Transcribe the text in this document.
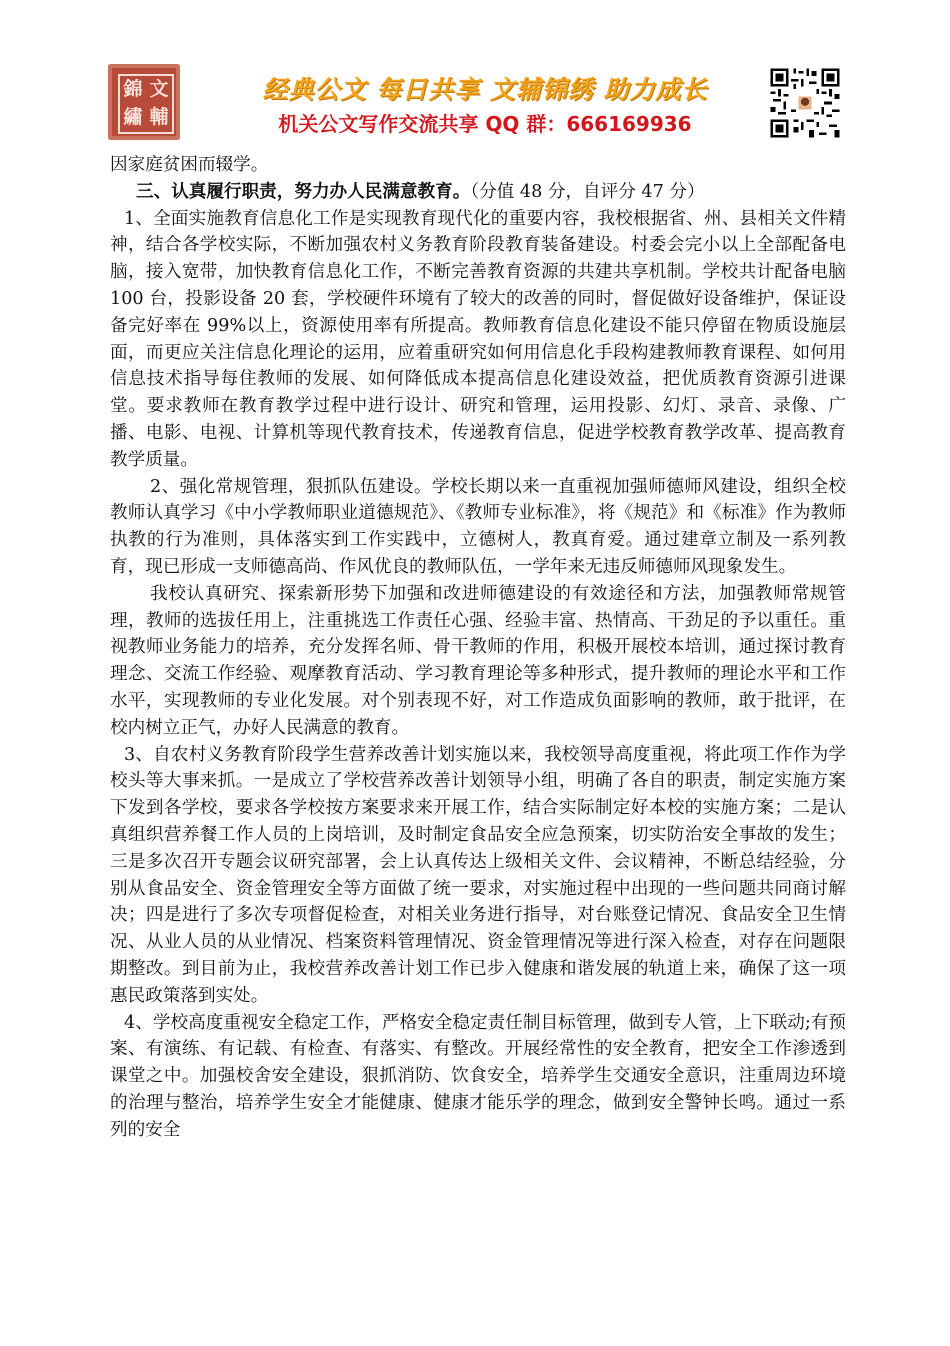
錦 文
繡 輔
经典公文 每日共享 文辅锦绣 助力成长
机关公文写作交流共享 QQ 群：666169936

因家庭贫困而辍学。

三、认真履行职责，努力办人民满意教育。（分值 48 分，自评分 47 分）

1、全面实施教育信息化工作是实现教育现代化的重要内容，我校根据省、州、县相关文件精神，结合各学校实际，不断加强农村义务教育阶段教育装备建设。村委会完小以上全部配备电脑，接入宽带，加快教育信息化工作，不断完善教育资源的共建共享机制。学校共计配备电脑 100 台，投影设备 20 套，学校硬件环境有了较大的改善的同时，督促做好设备维护，保证设备完好率在 99%以上，资源使用率有所提高。教师教育信息化建设不能只停留在物质设施层面，而更应关注信息化理论的运用，应着重研究如何用信息化手段构建教师教育课程、如何用信息技术指导每住教师的发展、如何降低成本提高信息化建设效益，把优质教育资源引进课堂。要求教师在教育教学过程中进行设计、研究和管理，运用投影、幻灯、录音、录像、广播、电影、电视、计算机等现代教育技术，传递教育信息，促进学校教育教学改革、提高教育教学质量。

2、强化常规管理，狠抓队伍建设。学校长期以来一直重视加强师德师风建设，组织全校教师认真学习《中小学教师职业道德规范》、《教师专业标准》，将《规范》和《标准》作为教师执教的行为准则，具体落实到工作实践中，立德树人，教真育爱。通过建章立制及一系列教育，现已形成一支师德高尚、作风优良的教师队伍，一学年来无违反师德师风现象发生。

我校认真研究、探索新形势下加强和改进师德建设的有效途径和方法，加强教师常规管理，教师的选拔任用上，注重挑选工作责任心强、经验丰富、热情高、干劲足的予以重任。重视教师业务能力的培养，充分发挥名师、骨干教师的作用，积极开展校本培训，通过探讨教育理念、交流工作经验、观摩教育活动、学习教育理论等多种形式，提升教师的理论水平和工作水平，实现教师的专业化发展。对个别表现不好，对工作造成负面影响的教师，敢于批评，在校内树立正气，办好人民满意的教育。

3、自农村义务教育阶段学生营养改善计划实施以来，我校领导高度重视，将此项工作作为学校头等大事来抓。一是成立了学校营养改善计划领导小组，明确了各自的职责，制定实施方案下发到各学校，要求各学校按方案要求来开展工作，结合实际制定好本校的实施方案；二是认真组织营养餐工作人员的上岗培训，及时制定食品安全应急预案，切实防治安全事故的发生；三是多次召开专题会议研究部署，会上认真传达上级相关文件、会议精神，不断总结经验，分别从食品安全、资金管理安全等方面做了统一要求，对实施过程中出现的一些问题共同商讨解决；四是进行了多次专项督促检查，对相关业务进行指导，对台账登记情况、食品安全卫生情况、从业人员的从业情况、档案资料管理情况、资金管理情况等进行深入检查，对存在问题限期整改。到目前为止，我校营养改善计划工作已步入健康和谐发展的轨道上来，确保了这一项惠民政策落到实处。

4、学校高度重视安全稳定工作，严格安全稳定责任制目标管理，做到专人管，上下联动;有预案、有演练、有记载、有检查、有落实、有整改。开展经常性的安全教育，把安全工作渗透到课堂之中。加强校舍安全建设，狠抓消防、饮食安全，培养学生交通安全意识，注重周边环境的治理与整治，培养学生安全才能健康、健康才能乐学的理念，做到安全警钟长鸣。通过一系列的安全
